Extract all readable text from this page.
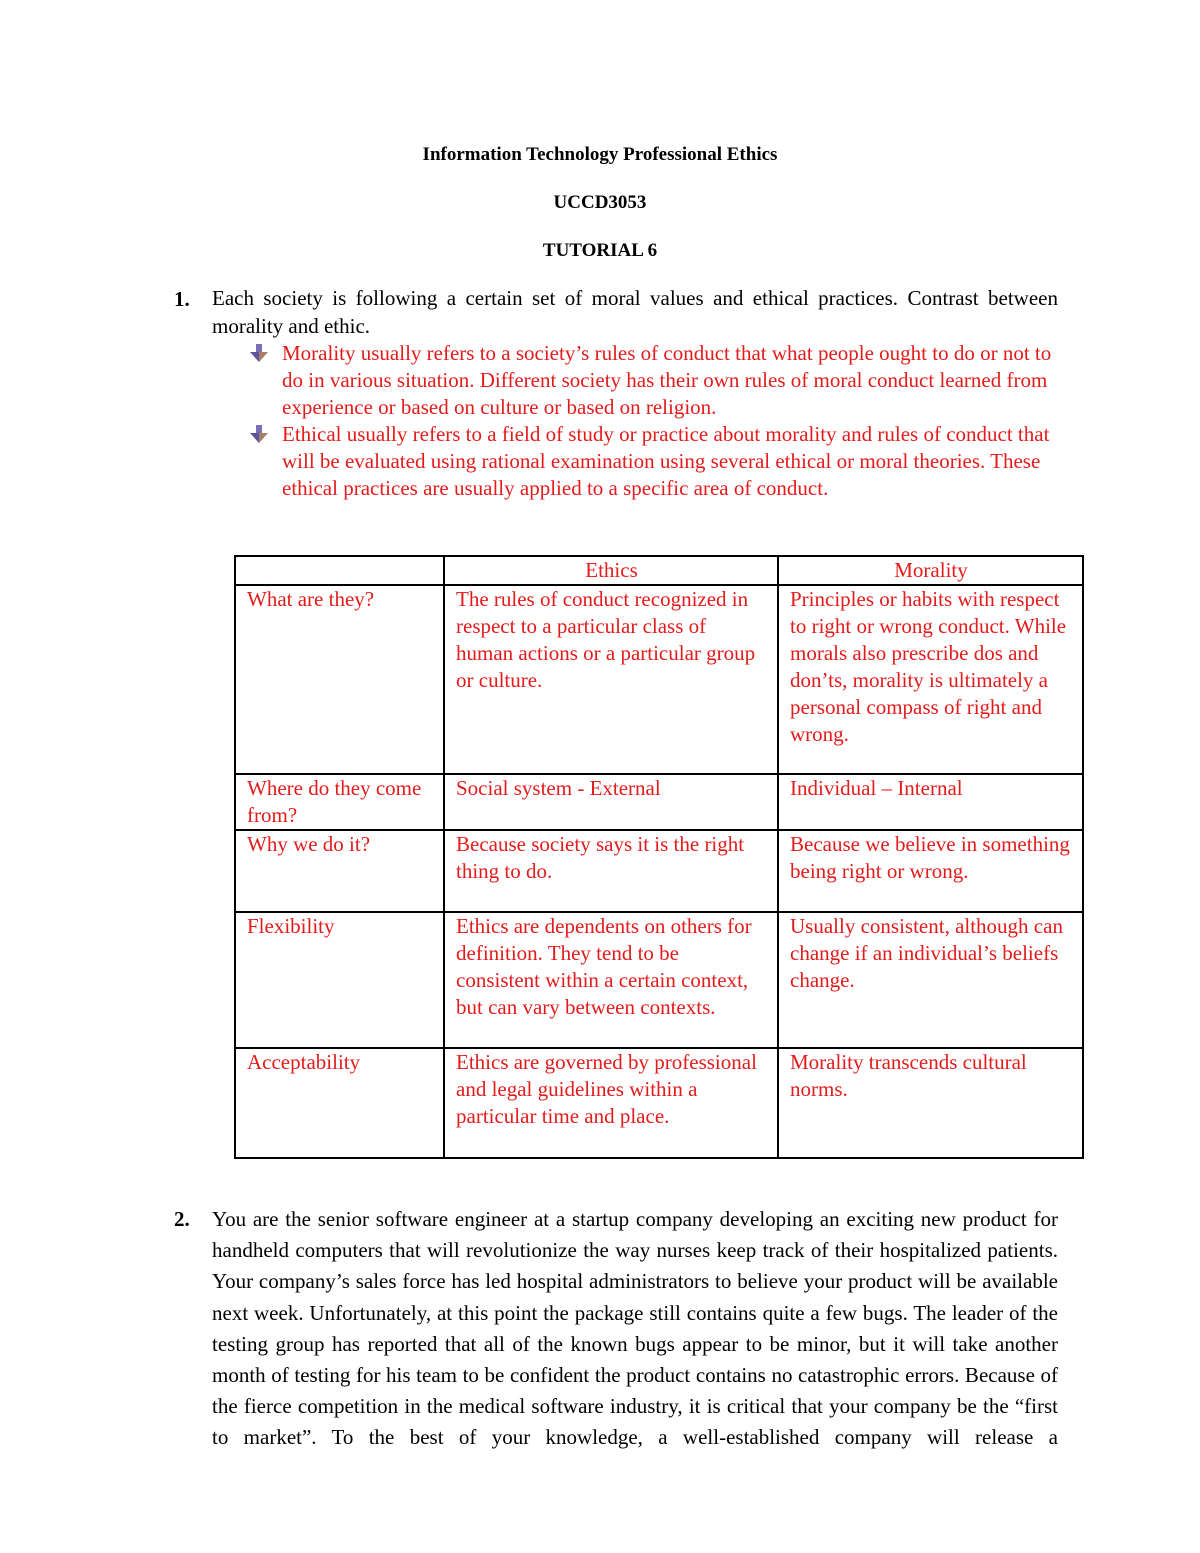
Information Technology Professional Ethics
UCCD3053
TUTORIAL 6
1. Each society is following a certain set of moral values and ethical practices. Contrast between morality and ethic.
Morality usually refers to a society’s rules of conduct that what people ought to do or not to do in various situation. Different society has their own rules of moral conduct learned from experience or based on culture or based on religion.
Ethical usually refers to a field of study or practice about morality and rules of conduct that will be evaluated using rational examination using several ethical or moral theories. These ethical practices are usually applied to a specific area of conduct.
	Ethics	Morality
What are they?	The rules of conduct recognized in respect to a particular class of human actions or a particular group or culture.	Principles or habits with respect to right or wrong conduct. While morals also prescribe dos and don’ts, morality is ultimately a personal compass of right and wrong.
Where do they come from?	Social system - External	Individual – Internal
Why we do it?	Because society says it is the right thing to do.	Because we believe in something being right or wrong.
Flexibility	Ethics are dependents on others for definition. They tend to be consistent within a certain context, but can vary between contexts.	Usually consistent, although can change if an individual’s beliefs change.
Acceptability	Ethics are governed by professional and legal guidelines within a particular time and place.	Morality transcends cultural norms.
2. You are the senior software engineer at a startup company developing an exciting new product for handheld computers that will revolutionize the way nurses keep track of their hospitalized patients. Your company’s sales force has led hospital administrators to believe your product will be available next week. Unfortunately, at this point the package still contains quite a few bugs. The leader of the testing group has reported that all of the known bugs appear to be minor, but it will take another month of testing for his team to be confident the product contains no catastrophic errors. Because of the fierce competition in the medical software industry, it is critical that your company be the “first to market”. To the best of your knowledge, a well-established company will release a
